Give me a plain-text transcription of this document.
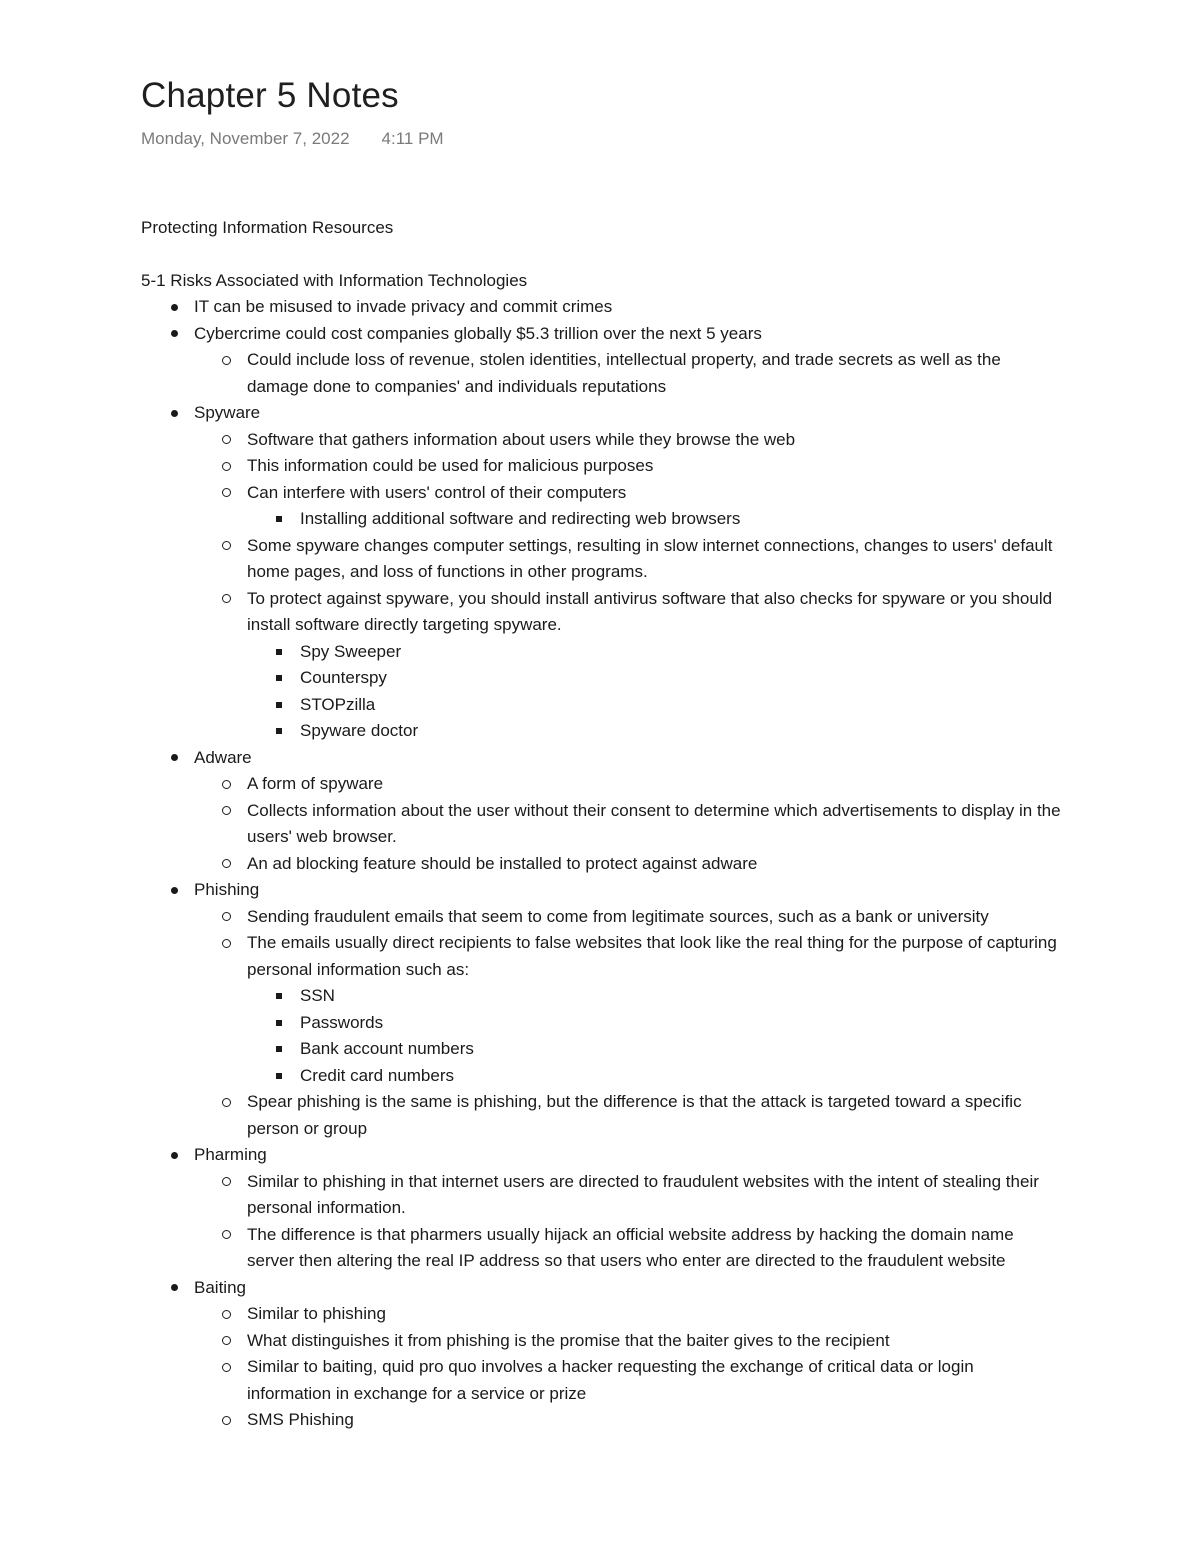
Chapter 5 Notes
Monday, November 7, 2022 4:11 PM
Protecting Information Resources
5-1 Risks Associated with Information Technologies
IT can be misused to invade privacy and commit crimes
Cybercrime could cost companies globally $5.3 trillion over the next 5 years
Could include loss of revenue, stolen identities, intellectual property, and trade secrets as well as the damage done to companies' and individuals reputations
Spyware
Software that gathers information about users while they browse the web
This information could be used for malicious purposes
Can interfere with users' control of their computers
Installing additional software and redirecting web browsers
Some spyware changes computer settings, resulting in slow internet connections, changes to users' default home pages, and loss of functions in other programs.
To protect against spyware, you should install antivirus software that also checks for spyware or you should install software directly targeting spyware.
Spy Sweeper
Counterspy
STOPzilla
Spyware doctor
Adware
A form of spyware
Collects information about the user without their consent to determine which advertisements to display in the users' web browser.
An ad blocking feature should be installed to protect against adware
Phishing
Sending fraudulent emails that seem to come from legitimate sources, such as a bank or university
The emails usually direct recipients to false websites that look like the real thing for the purpose of capturing personal information such as:
SSN
Passwords
Bank account numbers
Credit card numbers
Spear phishing is the same is phishing, but the difference is that the attack is targeted toward a specific person or group
Pharming
Similar to phishing in that internet users are directed to fraudulent websites with the intent of stealing their personal information.
The difference is that pharmers usually hijack an official website address by hacking the domain name server then altering the real IP address so that users who enter are directed to the fraudulent website
Baiting
Similar to phishing
What distinguishes it from phishing is the promise that the baiter gives to the recipient
Similar to baiting, quid pro quo involves a hacker requesting the exchange of critical data or login information in exchange for a service or prize
SMS Phishing
